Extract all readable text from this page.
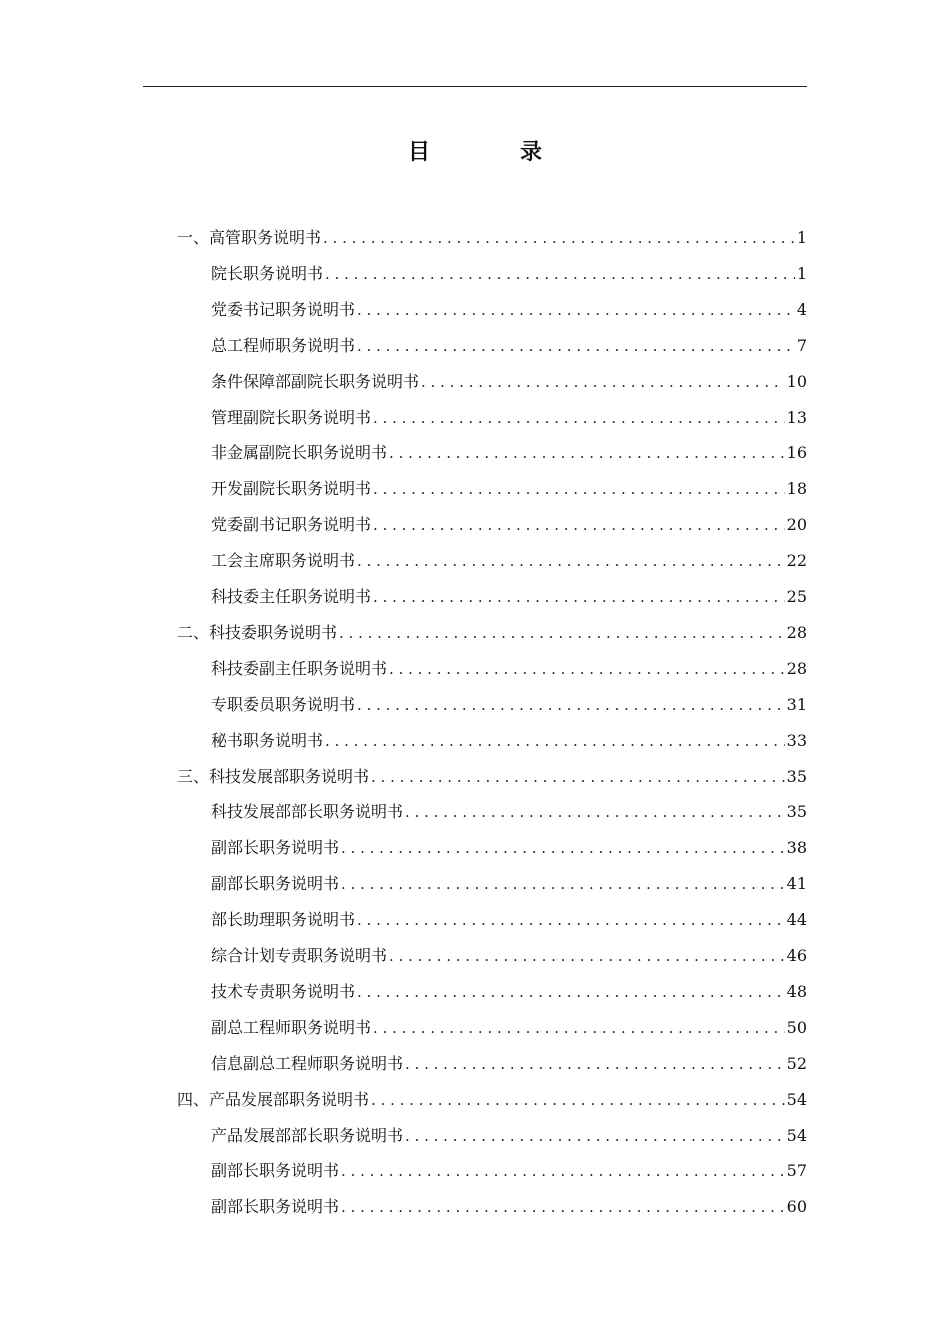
目　录
一、高管职务说明书 . . .	1
院长职务说明书 . . .	1
党委书记职务说明书 . . .	4
总工程师职务说明书 . . .	7
条件保障部副院长职务说明书 . . .	10
管理副院长职务说明书 . . .	13
非金属副院长职务说明书 . . .	16
开发副院长职务说明书 . . .	18
党委副书记职务说明书 . . .	20
工会主席职务说明书 . . .	22
科技委主任职务说明书 . . .	25
二、科技委职务说明书 . . .	28
科技委副主任职务说明书 . . .	28
专职委员职务说明书 . . .	31
秘书职务说明书 . . .	33
三、科技发展部职务说明书 . . .	35
科技发展部部长职务说明书 . . .	35
副部长职务说明书 . . .	38
副部长职务说明书 . . .	41
部长助理职务说明书 . . .	44
综合计划专责职务说明书 . . .	46
技术专责职务说明书 . . .	48
副总工程师职务说明书 . . .	50
信息副总工程师职务说明书 . . .	52
四、产品发展部职务说明书 . . .	54
产品发展部部长职务说明书 . . .	54
副部长职务说明书 . . .	57
副部长职务说明书 . . .	60
